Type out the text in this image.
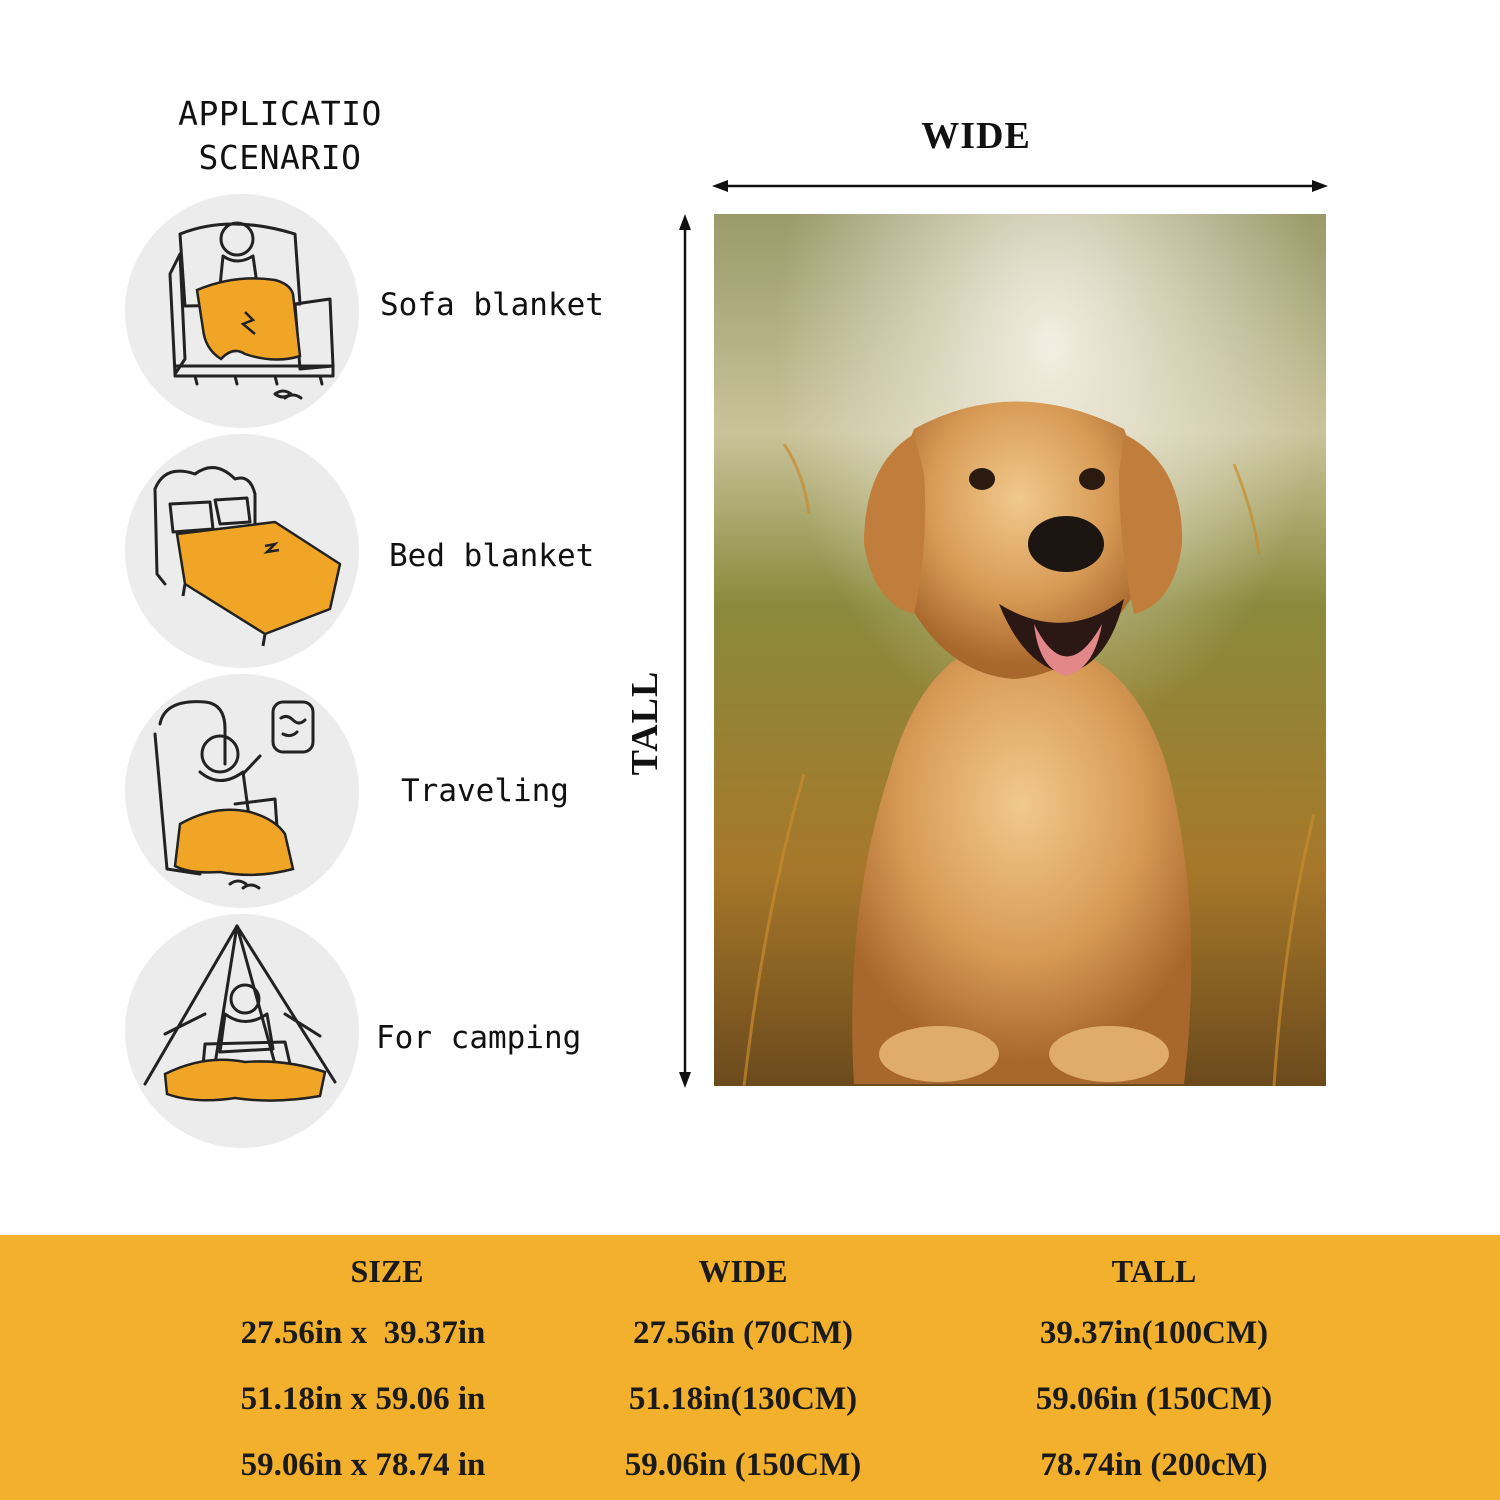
APPLICATIO
SCENARIO
Sofa blanket
Bed blanket
Traveling
For camping
WIDE
TALL
SIZE	WIDE	TALL
27.56in x  39.37in	27.56in (70CM)	39.37in(100CM)
51.18in x 59.06 in	51.18in(130CM)	59.06in (150CM)
59.06in x 78.74 in	59.06in (150CM)	78.74in (200cM)
